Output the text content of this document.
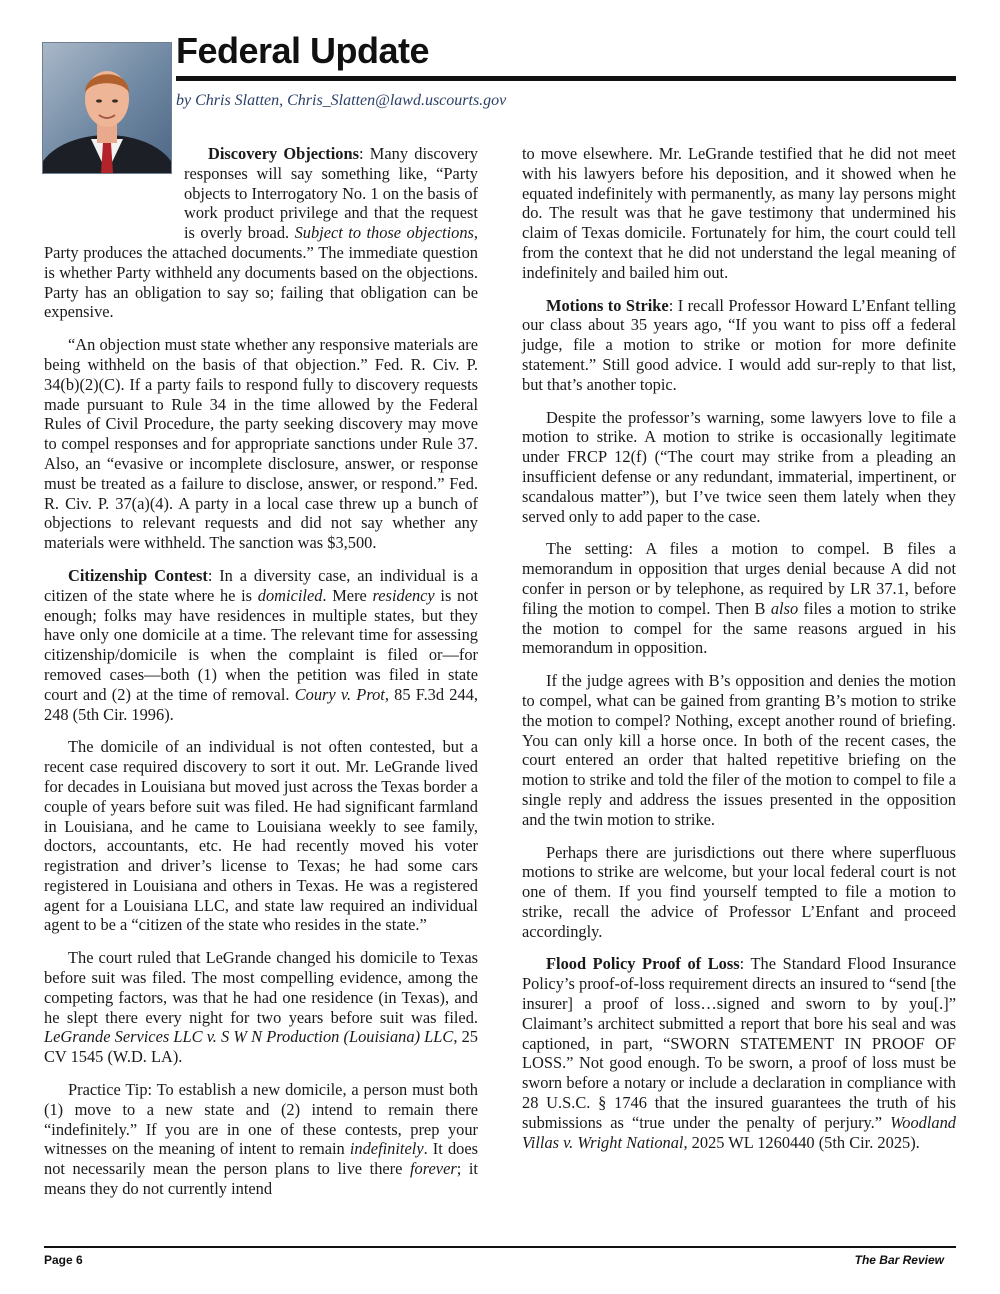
Federal Update
by Chris Slatten, Chris_Slatten@lawd.uscourts.gov

Discovery Objections: Many discovery responses will say something like, “Party objects to Interrogatory No. 1 on the basis of work product privilege and that the request is overly broad. Subject to those objections, Party produces the attached documents.” The immediate question is whether Party withheld any documents based on the objections. Party has an obligation to say so; failing that obligation can be expensive.

“An objection must state whether any responsive materials are being withheld on the basis of that objection.” Fed. R. Civ. P. 34(b)(2)(C). If a party fails to respond fully to discovery requests made pursuant to Rule 34 in the time allowed by the Federal Rules of Civil Procedure, the party seeking discovery may move to compel responses and for appropriate sanctions under Rule 37. Also, an “evasive or incomplete disclosure, answer, or response must be treated as a failure to disclose, answer, or respond.” Fed. R. Civ. P. 37(a)(4). A party in a local case threw up a bunch of objections to relevant requests and did not say whether any materials were withheld. The sanction was $3,500.

Citizenship Contest: In a diversity case, an individual is a citizen of the state where he is domiciled. Mere residency is not enough; folks may have residences in multiple states, but they have only one domicile at a time. The relevant time for assessing citizenship/domicile is when the complaint is filed or—for removed cases—both (1) when the petition was filed in state court and (2) at the time of removal. Coury v. Prot, 85 F.3d 244, 248 (5th Cir. 1996).

The domicile of an individual is not often contested, but a recent case required discovery to sort it out. Mr. LeGrande lived for decades in Louisiana but moved just across the Texas border a couple of years before suit was filed. He had significant farmland in Louisiana, and he came to Louisiana weekly to see family, doctors, accountants, etc. He had recently moved his voter registration and driver’s license to Texas; he had some cars registered in Louisiana and others in Texas. He was a registered agent for a Louisiana LLC, and state law required an individual agent to be a “citizen of the state who resides in the state.”

The court ruled that LeGrande changed his domicile to Texas before suit was filed. The most compelling evidence, among the competing factors, was that he had one residence (in Texas), and he slept there every night for two years before suit was filed. LeGrande Services LLC v. S W N Production (Louisiana) LLC, 25 CV 1545 (W.D. LA).

Practice Tip: To establish a new domicile, a person must both (1) move to a new state and (2) intend to remain there “indefinitely.” If you are in one of these contests, prep your witnesses on the meaning of intent to remain indefinitely. It does not necessarily mean the person plans to live there forever; it means they do not currently intend

to move elsewhere. Mr. LeGrande testified that he did not meet with his lawyers before his deposition, and it showed when he equated indefinitely with permanently, as many lay persons might do. The result was that he gave testimony that undermined his claim of Texas domicile. Fortunately for him, the court could tell from the context that he did not understand the legal meaning of indefinitely and bailed him out.

Motions to Strike: I recall Professor Howard L’Enfant telling our class about 35 years ago, “If you want to piss off a federal judge, file a motion to strike or motion for more definite statement.” Still good advice. I would add sur-reply to that list, but that’s another topic.

Despite the professor’s warning, some lawyers love to file a motion to strike. A motion to strike is occasionally legitimate under FRCP 12(f) (“The court may strike from a pleading an insufficient defense or any redundant, immaterial, impertinent, or scandalous matter”), but I’ve twice seen them lately when they served only to add paper to the case.

The setting: A files a motion to compel. B files a memorandum in opposition that urges denial because A did not confer in person or by telephone, as required by LR 37.1, before filing the motion to compel. Then B also files a motion to strike the motion to compel for the same reasons argued in his memorandum in opposition.

If the judge agrees with B’s opposition and denies the motion to compel, what can be gained from granting B’s motion to strike the motion to compel? Nothing, except another round of briefing. You can only kill a horse once. In both of the recent cases, the court entered an order that halted repetitive briefing on the motion to strike and told the filer of the motion to compel to file a single reply and address the issues presented in the opposition and the twin motion to strike.

Perhaps there are jurisdictions out there where superfluous motions to strike are welcome, but your local federal court is not one of them. If you find yourself tempted to file a motion to strike, recall the advice of Professor L’Enfant and proceed accordingly.

Flood Policy Proof of Loss: The Standard Flood Insurance Policy’s proof-of-loss requirement directs an insured to “send [the insurer] a proof of loss…signed and sworn to by you[.]” Claimant’s architect submitted a report that bore his seal and was captioned, in part, “SWORN STATEMENT IN PROOF OF LOSS.” Not good enough. To be sworn, a proof of loss must be sworn before a notary or include a declaration in compliance with 28 U.S.C. § 1746 that the insured guarantees the truth of his submissions as “true under the penalty of perjury.” Woodland Villas v. Wright National, 2025 WL 1260440 (5th Cir. 2025).

Page 6	The Bar Review
